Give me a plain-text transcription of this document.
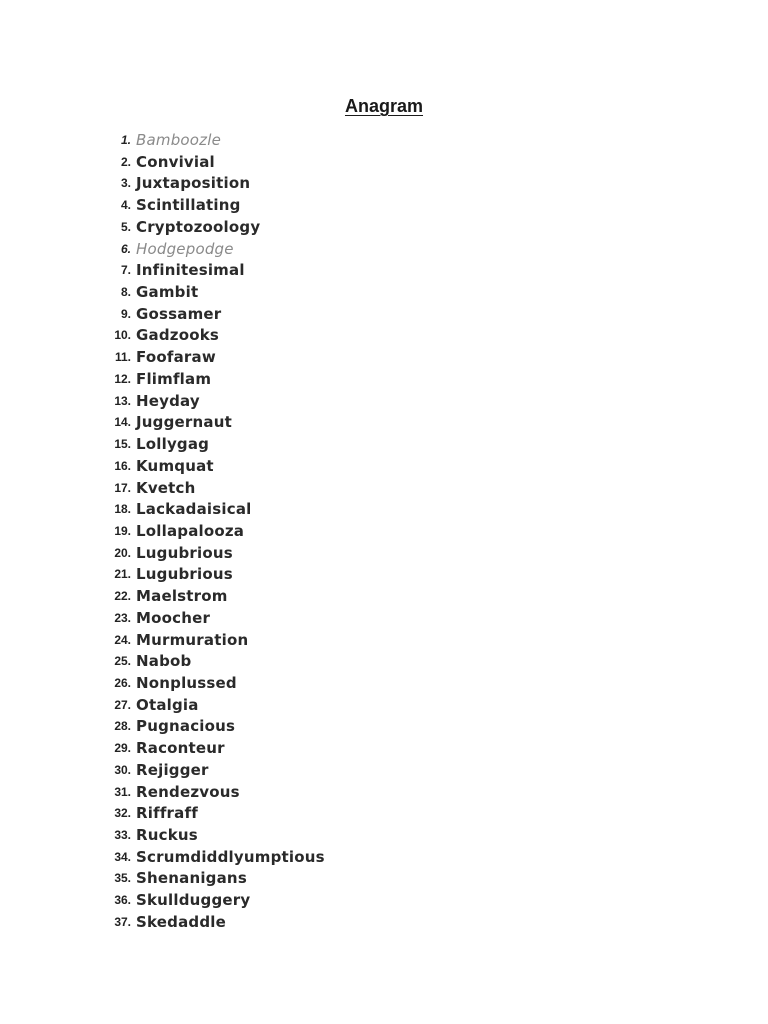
Anagram
1. Bamboozle
2. Convivial
3. Juxtaposition
4. Scintillating
5. Cryptozoology
6. Hodgepodge
7. Infinitesimal
8. Gambit
9. Gossamer
10. Gadzooks
11. Foofaraw
12. Flimflam
13. Heyday
14. Juggernaut
15. Lollygag
16. Kumquat
17. Kvetch
18. Lackadaisical
19. Lollapalooza
20. Lugubrious
21. Lugubrious
22. Maelstrom
23. Moocher
24. Murmuration
25. Nabob
26. Nonplussed
27. Otalgia
28. Pugnacious
29. Raconteur
30. Rejigger
31. Rendezvous
32. Riffraff
33. Ruckus
34. Scrumdiddlyumptious
35. Shenanigans
36. Skullduggery
37. Skedaddle
